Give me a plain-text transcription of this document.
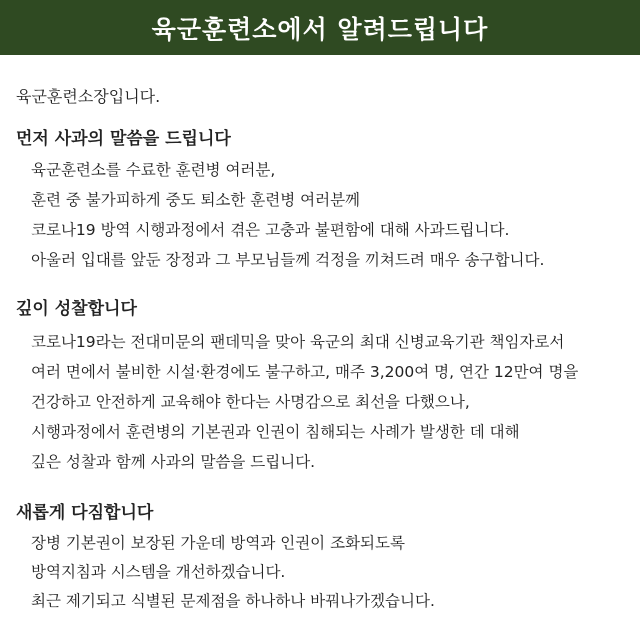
육군훈련소에서 알려드립니다
육군훈련소장입니다.
먼저 사과의 말씀을 드립니다
육군훈련소를 수료한 훈련병 여러분,
훈련 중 불가피하게 중도 퇴소한 훈련병 여러분께
코로나19 방역 시행과정에서 겪은 고충과 불편함에 대해 사과드립니다.
아울러 입대를 앞둔 장정과 그 부모님들께 걱정을 끼쳐드려 매우 송구합니다.
깊이 성찰합니다
코로나19라는 전대미문의 팬데믹을 맞아 육군의 최대 신병교육기관 책임자로서
여러 면에서 불비한 시설·환경에도 불구하고, 매주 3,200여 명, 연간 12만여 명을
건강하고 안전하게 교육해야 한다는 사명감으로 최선을 다했으나,
시행과정에서 훈련병의 기본권과 인권이 침해되는 사례가 발생한 데 대해
깊은 성찰과 함께 사과의 말씀을 드립니다.
새롭게 다짐합니다
장병 기본권이 보장된 가운데 방역과 인권이 조화되도록
방역지침과 시스템을 개선하겠습니다.
최근 제기되고 식별된 문제점을 하나하나 바꿔나가겠습니다.
